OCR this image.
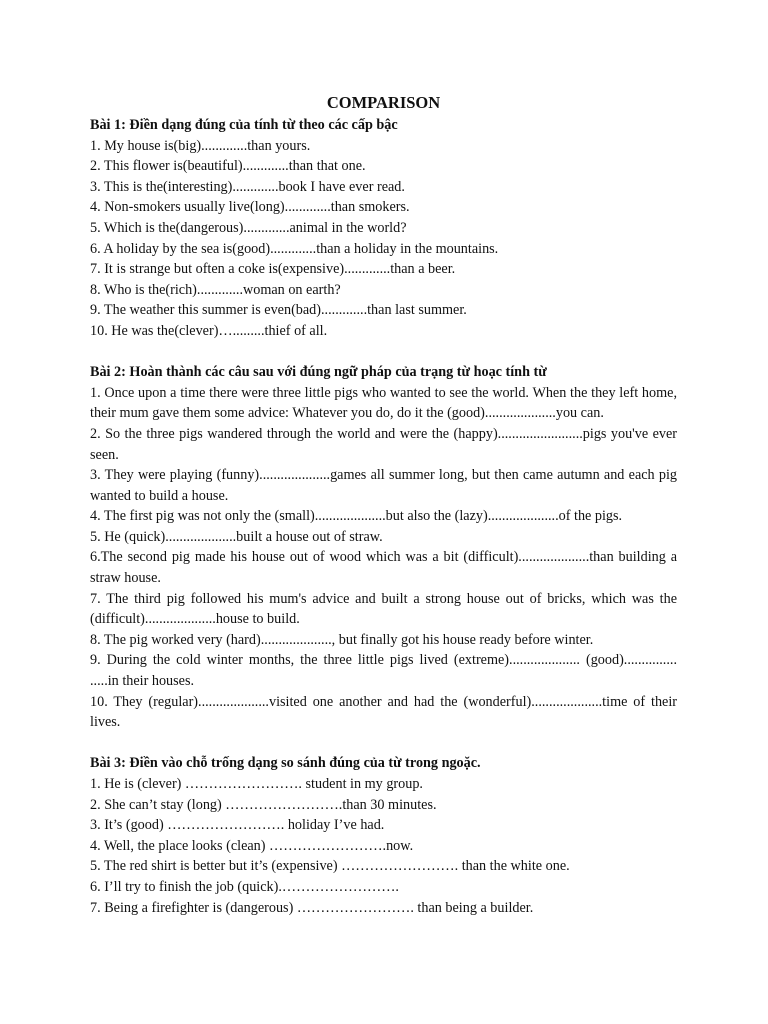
COMPARISON
Bài 1: Điền dạng đúng của tính từ theo các cấp bậc
1. My house is(big).............than yours.
2. This flower is(beautiful).............than that one.
3. This is the(interesting).............book I have ever read.
4. Non-smokers usually live(long).............than smokers.
5. Which is the(dangerous).............animal in the world?
6. A holiday by the sea is(good).............than a holiday in the mountains.
7. It is strange but often a coke is(expensive).............than a beer.
8. Who is the(rich).............woman on earth?
9. The weather this summer is even(bad).............than last summer.
10. He was the(clever)….........thief of all.
Bài 2: Hoàn thành các câu sau với đúng ngữ pháp của trạng từ hoạc tính từ
1. Once upon a time there were three little pigs who wanted to see the world. When the they left home, their mum gave them some advice: Whatever you do, do it the (good)....................you can.
2. So the three pigs wandered through the world and were the (happy)........................pigs you've ever seen.
3. They were playing (funny)....................games all summer long, but then came autumn and each pig wanted to build a house.
4. The first pig was not only the (small)....................but also the (lazy)....................of the pigs.
5. He (quick)....................built a house out of straw.
6.The second pig made his house out of wood which was a bit (difficult)....................than building a straw house.
7. The third pig followed his mum's advice and built a strong house out of bricks, which was the (difficult)....................house to build.
8. The pig worked very (hard)...................., but finally got his house ready before winter.
9. During the cold winter months, the three little pigs lived (extreme).................... (good)............... .....in their houses.
10. They (regular)....................visited one another and had the (wonderful)....................time of their lives.
Bài 3: Điền vào chỗ trống dạng so sánh đúng của từ trong ngoặc.
1. He is (clever) ……………………. student in my group.
2. She can’t stay (long) …………………….than 30 minutes.
3. It’s (good) ……………………. holiday I’ve had.
4. Well, the place looks (clean) …………………….now.
5. The red shirt is better but it’s (expensive) ……………………. than the white one.
6. I’ll try to finish the job (quick).…………………….
7. Being a firefighter is (dangerous) ……………………. than being a builder.
